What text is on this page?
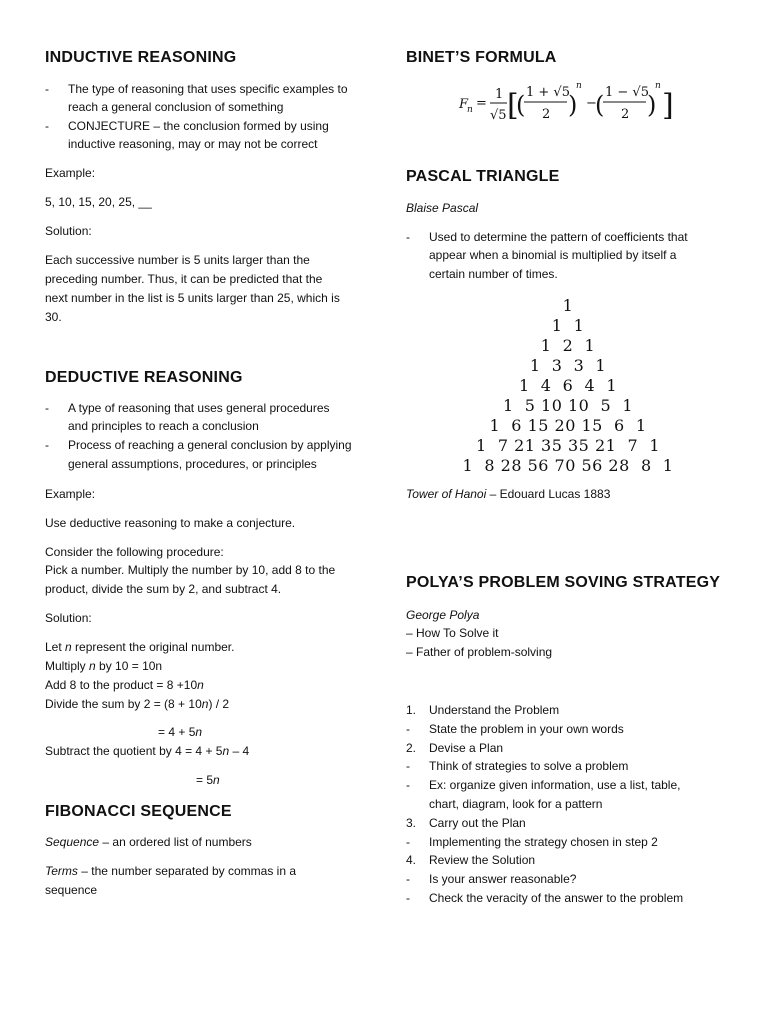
INDUCTIVE REASONING
- The type of reasoning that uses specific examples to
reach a general conclusion of something
- CONJECTURE – the conclusion formed by using
inductive reasoning, may or may not be correct
Example:
5, 10, 15, 20, 25, __
Solution:
Each successive number is 5 units larger than the
preceding number. Thus, it can be predicted that the
next number in the list is 5 units larger than 25, which is
30.
DEDUCTIVE REASONING
- A type of reasoning that uses general procedures
and principles to reach a conclusion
- Process of reaching a general conclusion by applying
general assumptions, procedures, or principles
Example:
Use deductive reasoning to make a conjecture.
Consider the following procedure:
Pick a number. Multiply the number by 10, add 8 to the
product, divide the sum by 2, and subtract 4.
Solution:
Let n represent the original number.
Multiply n by 10 = 10n
Add 8 to the product = 8 +10n
Divide the sum by 2 = (8 + 10n) / 2
= 4 + 5n
Subtract the quotient by 4 = 4 + 5n – 4
= 5n
FIBONACCI SEQUENCE
Sequence – an ordered list of numbers
Terms – the number separated by commas in a
sequence
BINET’S FORMULA
F
n =
1
√5 [
( 1 + √5
2 )
n
−
( 1 − √5
2 )
n
]
PASCAL TRIANGLE
Blaise Pascal
- Used to determine the pattern of coefficients that
appear when a binomial is multiplied by itself a
certain number of times.
1
1  1
1  2  1
1  3  3  1
1  4  6  4  1
1  5 10 10  5  1
1  6 15 20 15  6  1
1  7 21 35 35 21  7  1
1  8 28 56 70 56 28  8  1
Tower of Hanoi – Edouard Lucas 1883
POLYA’S PROBLEM SOVING STRATEGY
George Polya
– How To Solve it
– Father of problem-solving
1. Understand the Problem
- State the problem in your own words
2. Devise a Plan
- Think of strategies to solve a problem
- Ex: organize given information, use a list, table,
chart, diagram, look for a pattern
3. Carry out the Plan
- Implementing the strategy chosen in step 2
4. Review the Solution
- Is your answer reasonable?
- Check the veracity of the answer to the problem
